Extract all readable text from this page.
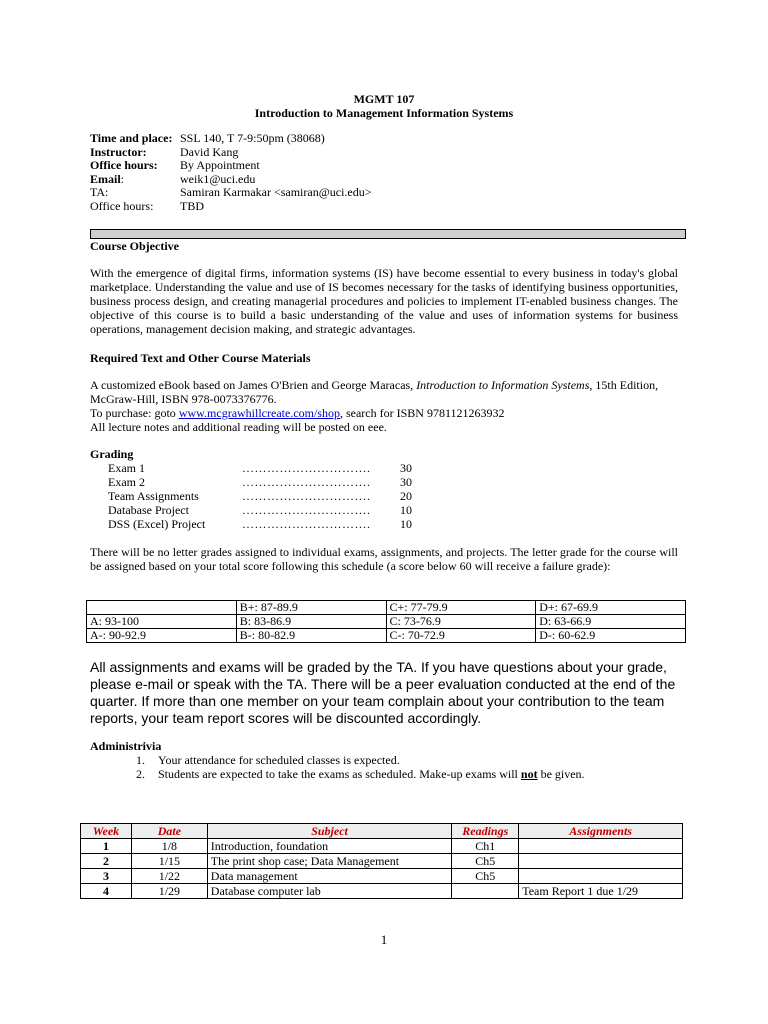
MGMT 107
Introduction to Management Information Systems
Time and place: SSL 140, T 7-9:50pm (38068)
Instructor:	David Kang
Office hours: By Appointment
Email:	weik1@uci.edu
TA:	Samiran Karmakar <samiran@uci.edu>
Office hours: TBD
Course Objective
With the emergence of digital firms, information systems (IS) have become essential to every business in today's global marketplace. Understanding the value and use of IS becomes necessary for the tasks of identifying business opportunities, business process design, and creating managerial procedures and policies to implement IT-enabled business changes. The objective of this course is to build a basic understanding of the value and uses of information systems for business operations, management decision making, and strategic advantages.
Required Text and Other Course Materials
A customized eBook based on James O'Brien and George Maracas, Introduction to Information Systems, 15th Edition, McGraw-Hill, ISBN 978-0073376776.
To purchase: goto www.mcgrawhillcreate.com/shop, search for ISBN 9781121263932
All lecture notes and additional reading will be posted on eee.
Grading
Exam 1	…………………………. 30
Exam 2	…………………………. 30
Team Assignments	…………………………. 20
Database Project	…………………………. 10
DSS (Excel) Project	…………………………. 10
There will be no letter grades assigned to individual exams, assignments, and projects. The letter grade for the course will be assigned based on your total score following this schedule (a score below 60 will receive a failure grade):
	B+: 87-89.9	C+: 77-79.9	D+: 67-69.9
A: 93-100	B: 83-86.9	C: 73-76.9	D: 63-66.9
A-: 90-92.9	B-: 80-82.9	C-: 70-72.9	D-: 60-62.9
All assignments and exams will be graded by the TA. If you have questions about your grade, please e-mail or speak with the TA. There will be a peer evaluation conducted at the end of the quarter. If more than one member on your team complain about your contribution to the team reports, your team report scores will be discounted accordingly.
Administrivia
1. Your attendance for scheduled classes is expected.
2. Students are expected to take the exams as scheduled. Make-up exams will not be given.
Week	Date	Subject	Readings	Assignments
1	1/8	Introduction, foundation	Ch1	
2	1/15	The print shop case; Data Management	Ch5	
3	1/22	Data management	Ch5	
4	1/29	Database computer lab		Team Report 1 due 1/29
1
